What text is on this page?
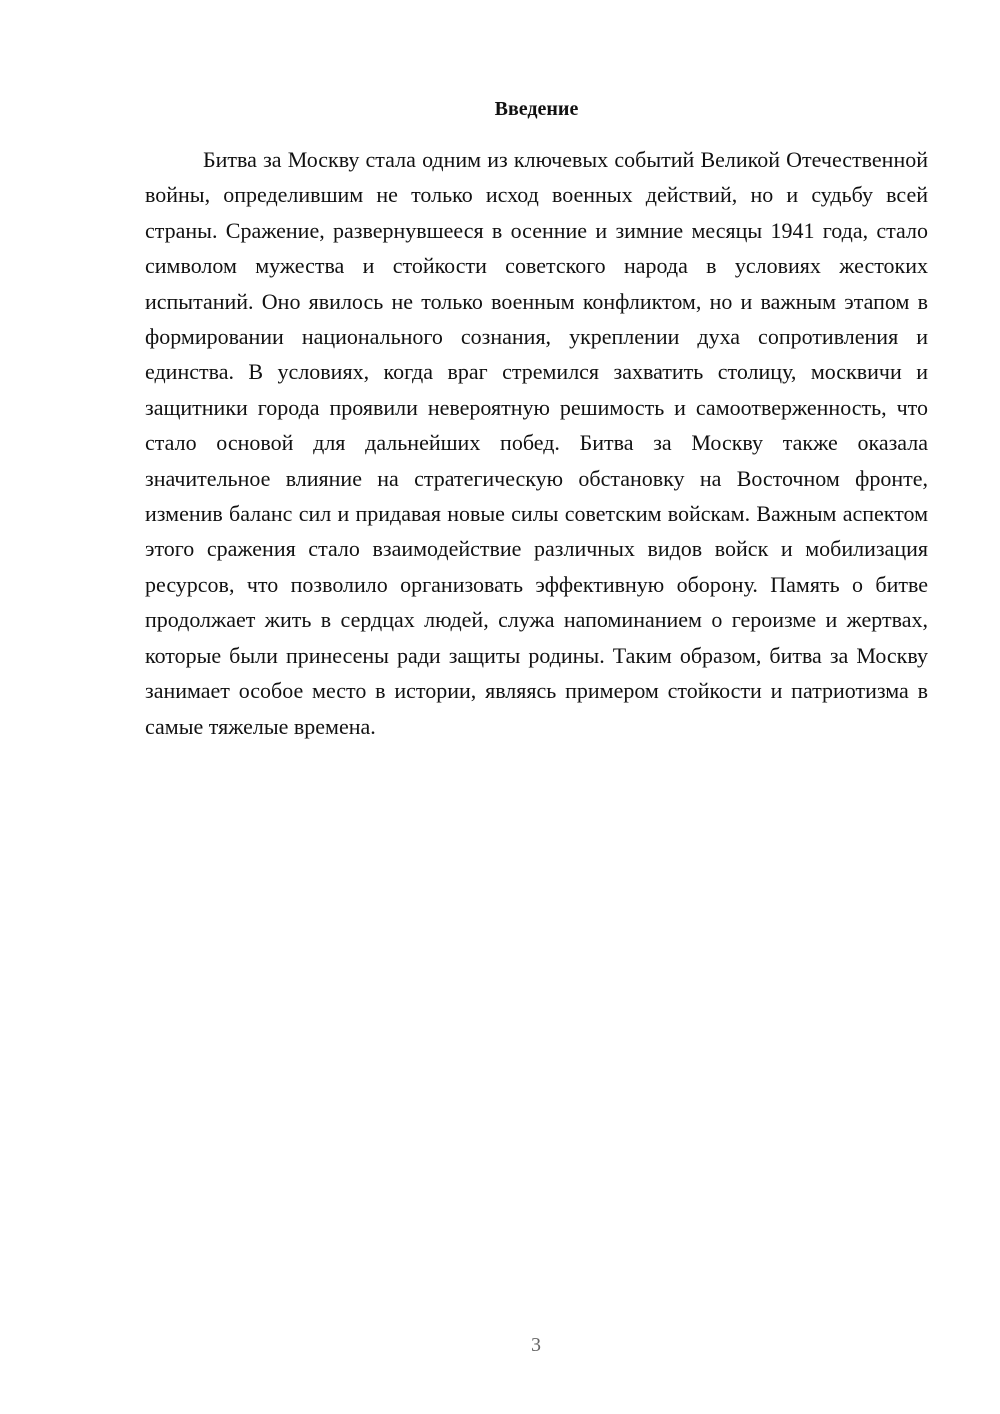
Введение

Битва за Москву стала одним из ключевых событий Великой Отечественной войны, определившим не только исход военных действий, но и судьбу всей страны. Сражение, развернувшееся в осенние и зимние месяцы 1941 года, стало символом мужества и стойкости советского народа в условиях жестоких испытаний. Оно явилось не только военным конфликтом, но и важным этапом в формировании национального сознания, укреплении духа сопротивления и единства. В условиях, когда враг стремился захватить столицу, москвичи и защитники города проявили невероятную решимость и самоотверженность, что стало основой для дальнейших побед. Битва за Москву также оказала значительное влияние на стратегическую обстановку на Восточном фронте, изменив баланс сил и придавая новые силы советским войскам. Важным аспектом этого сражения стало взаимодействие различных видов войск и мобилизация ресурсов, что позволило организовать эффективную оборону. Память о битве продолжает жить в сердцах людей, служа напоминанием о героизме и жертвах, которые были принесены ради защиты родины. Таким образом, битва за Москву занимает особое место в истории, являясь примером стойкости и патриотизма в самые тяжелые времена.

3
